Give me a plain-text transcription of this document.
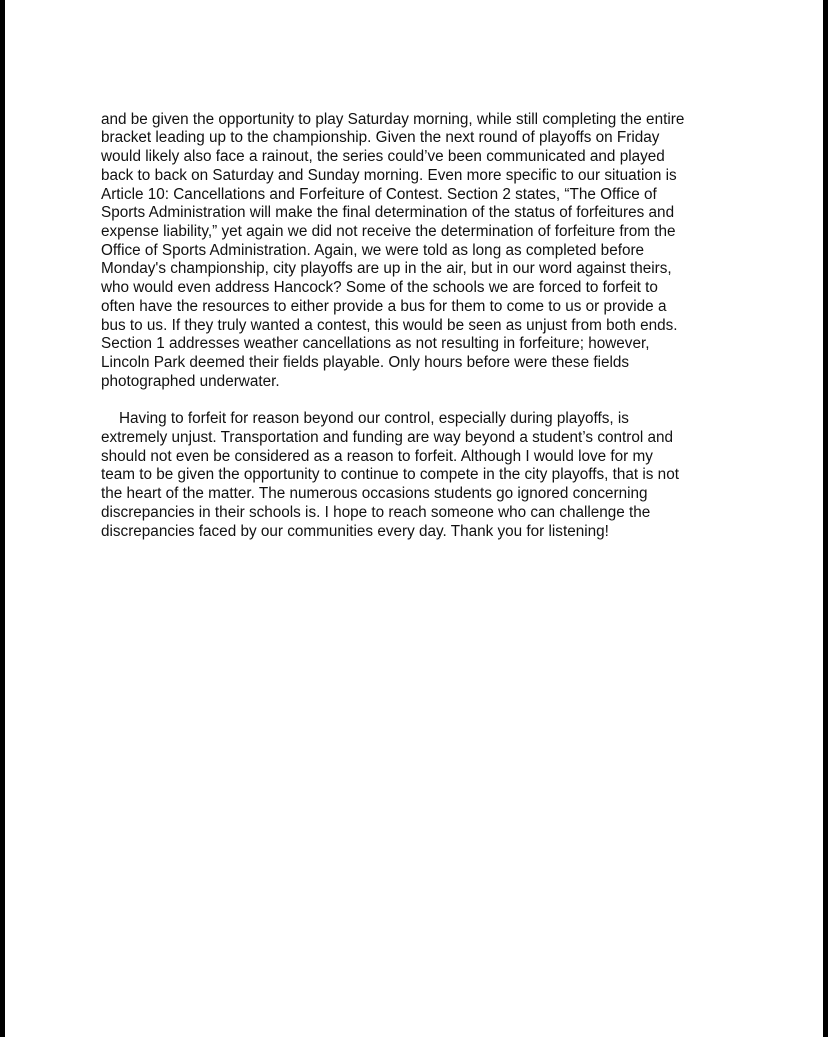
and be given the opportunity to play Saturday morning, while still completing the entire
bracket leading up to the championship. Given the next round of playoffs on Friday
would likely also face a rainout, the series could’ve been communicated and played
back to back on Saturday and Sunday morning. Even more specific to our situation is
Article 10: Cancellations and Forfeiture of Contest. Section 2 states, “The Office of
Sports Administration will make the final determination of the status of forfeitures and
expense liability,” yet again we did not receive the determination of forfeiture from the
Office of Sports Administration. Again, we were told as long as completed before
Monday's championship, city playoffs are up in the air, but in our word against theirs,
who would even address Hancock? Some of the schools we are forced to forfeit to
often have the resources to either provide a bus for them to come to us or provide a
bus to us. If they truly wanted a contest, this would be seen as unjust from both ends.
Section 1 addresses weather cancellations as not resulting in forfeiture; however,
Lincoln Park deemed their fields playable. Only hours before were these fields
photographed underwater.

Having to forfeit for reason beyond our control, especially during playoffs, is
extremely unjust. Transportation and funding are way beyond a student’s control and
should not even be considered as a reason to forfeit. Although I would love for my
team to be given the opportunity to continue to compete in the city playoffs, that is not
the heart of the matter. The numerous occasions students go ignored concerning
discrepancies in their schools is. I hope to reach someone who can challenge the
discrepancies faced by our communities every day. Thank you for listening!
